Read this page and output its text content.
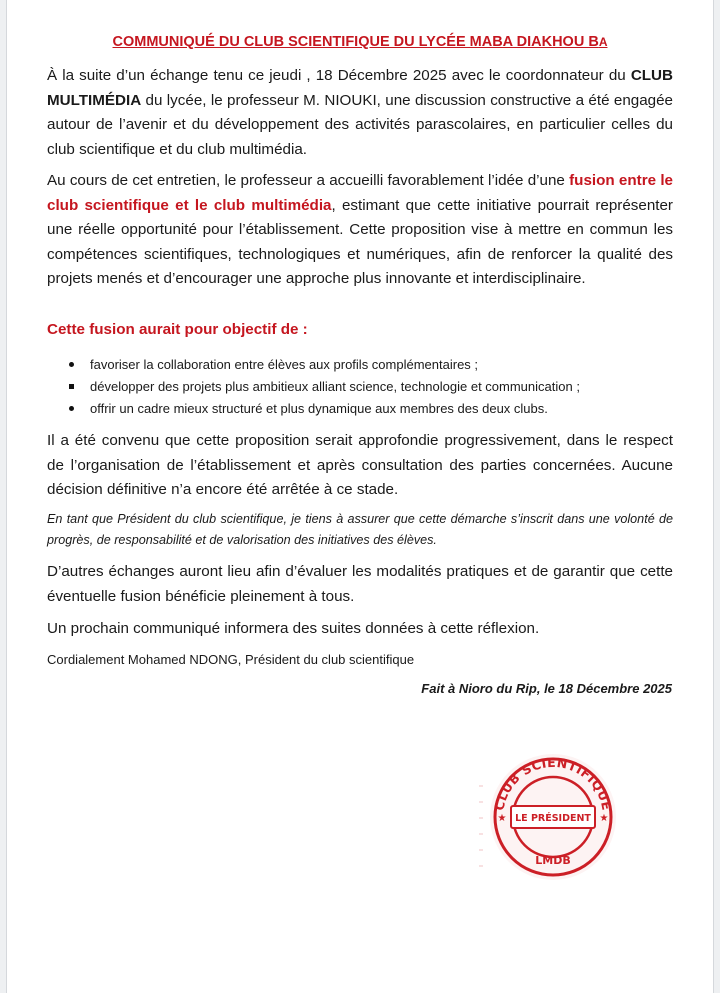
COMMUNIQUÉ DU CLUB SCIENTIFIQUE DU LYCÉE MABA DIAKHOU BA

À la suite d’un échange tenu ce jeudi , 18 Décembre 2025 avec le coordonnateur du CLUB MULTIMÉDIA du lycée, le professeur M. NIOUKI, une discussion constructive a été engagée autour de l’avenir et du développement des activités parascolaires, en particulier celles du club scientifique et du club multimédia.

Au cours de cet entretien, le professeur a accueilli favorablement l’idée d’une fusion entre le club scientifique et le club multimédia, estimant que cette initiative pourrait représenter une réelle opportunité pour l’établissement. Cette proposition vise à mettre en commun les compétences scientifiques, technologiques et numériques, afin de renforcer la qualité des projets menés et d’encourager une approche plus innovante et interdisciplinaire.

Cette fusion aurait pour objectif de :

favoriser la collaboration entre élèves aux profils complémentaires ;
développer des projets plus ambitieux alliant science, technologie et communication ;
offrir un cadre mieux structuré et plus dynamique aux membres des deux clubs.

Il a été convenu que cette proposition serait approfondie progressivement, dans le respect de l’organisation de l’établissement et après consultation des parties concernées. Aucune décision définitive n’a encore été arrêtée à ce stade.

En tant que Président du club scientifique, je tiens à assurer que cette démarche s’inscrit dans une volonté de progrès, de responsabilité et de valorisation des initiatives des élèves.

D’autres échanges auront lieu afin d’évaluer les modalités pratiques et de garantir que cette éventuelle fusion bénéficie pleinement à tous.

Un prochain communiqué informera des suites données à cette réflexion.

Cordialement Mohamed NDONG, Président du club scientifique

Fait à Nioro du Rip, le 18 Décembre 2025

CLUB SCIENTIFIQUE
★	★
LE PRÉSIDENT
LMDB
